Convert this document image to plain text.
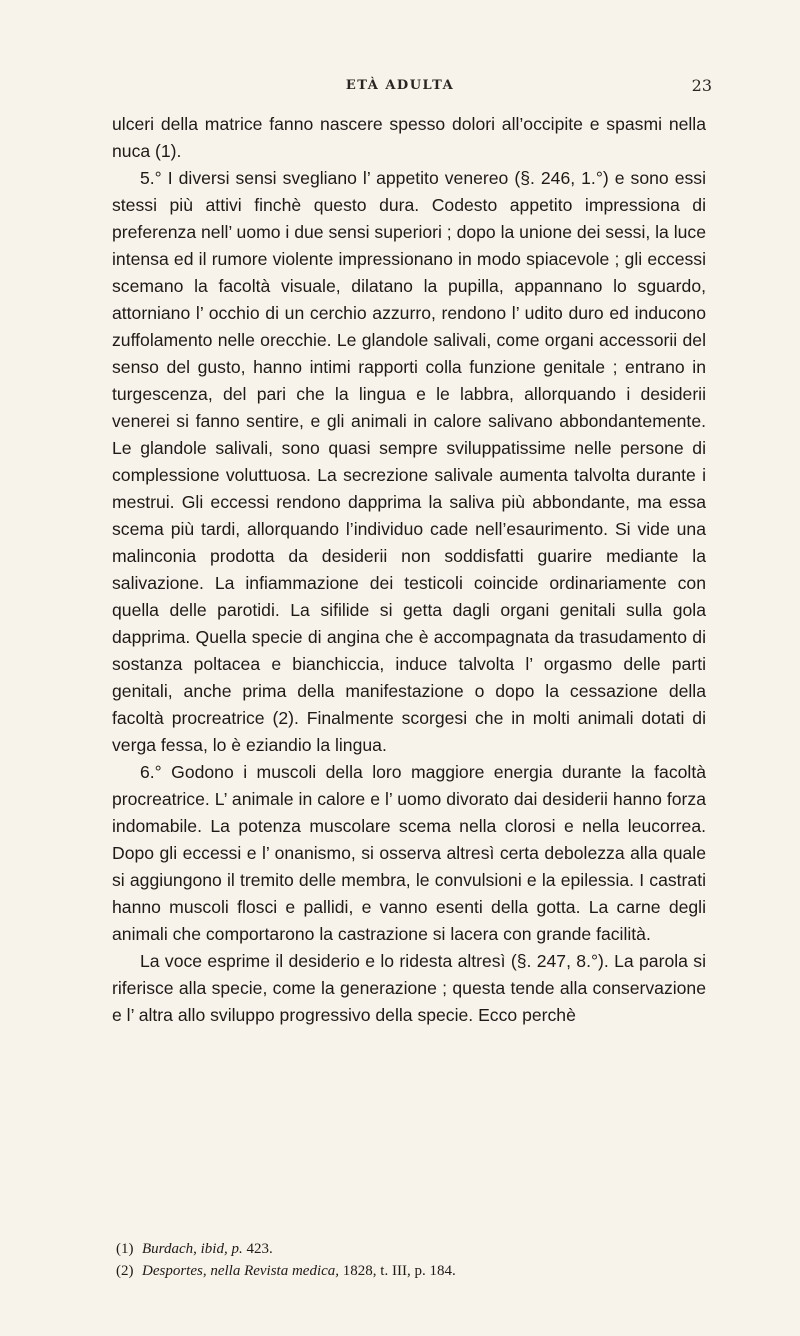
ETÀ ADULTA	23

ulceri della matrice fanno nascere spesso dolori all’occipite e spasmi nella nuca (1).

5.° I diversi sensi svegliano l’ appetito venereo (§. 246, 1.°) e sono essi stessi più attivi finchè questo dura. Codesto appetito impressiona di preferenza nell’ uomo i due sensi superiori ; dopo la unione dei sessi, la luce intensa ed il rumore violente impressionano in modo spiacevole ; gli eccessi scemano la facoltà visuale, dilatano la pupilla, appannano lo sguardo, attorniano l’ occhio di un cerchio azzurro, rendono l’ udito duro ed inducono zuffolamento nelle orecchie. Le glandole salivali, come organi accessorii del senso del gusto, hanno intimi rapporti colla funzione genitale ; entrano in turgescenza, del pari che la lingua e le labbra, allorquando i desiderii venerei si fanno sentire, e gli animali in calore salivano abbondantemente. Le glandole salivali, sono quasi sempre sviluppatissime nelle persone di complessione voluttuosa. La secrezione salivale aumenta talvolta durante i mestrui. Gli eccessi rendono dapprima la saliva più abbondante, ma essa scema più tardi, allorquando l’individuo cade nell’esaurimento. Si vide una malinconia prodotta da desiderii non soddisfatti guarire mediante la salivazione. La infiammazione dei testicoli coincide ordinariamente con quella delle parotidi. La sifilide si getta dagli organi genitali sulla gola dapprima. Quella specie di angina che è accompagnata da trasudamento di sostanza poltacea e bianchiccia, induce talvolta l’ orgasmo delle parti genitali, anche prima della manifestazione o dopo la cessazione della facoltà procreatrice (2). Finalmente scorgesi che in molti animali dotati di verga fessa, lo è eziandio la lingua.

6.° Godono i muscoli della loro maggiore energia durante la facoltà procreatrice. L’ animale in calore e l’ uomo divorato dai desiderii hanno forza indomabile. La potenza muscolare scema nella clorosi e nella leucorrea. Dopo gli eccessi e l’ onanismo, si osserva altresì certa debolezza alla quale si aggiungono il tremito delle membra, le convulsioni e la epilessia. I castrati hanno muscoli flosci e pallidi, e vanno esenti della gotta. La carne degli animali che comportarono la castrazione si lacera con grande facilità.

La voce esprime il desiderio e lo ridesta altresì (§. 247, 8.°). La parola si riferisce alla specie, come la generazione ; questa tende alla conservazione e l’ altra allo sviluppo progressivo della specie. Ecco perchè

(1) Burdach, ibid, p. 423.
(2) Desportes, nella Revista medica, 1828, t. III, p. 184.
